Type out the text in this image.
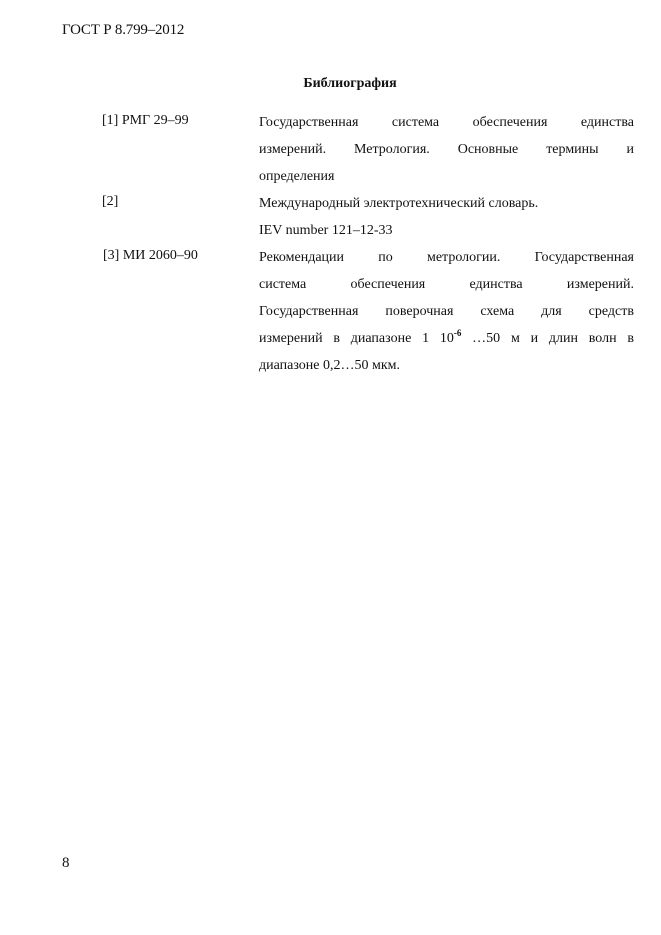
ГОСТ Р 8.799–2012
Библиография
[1] РМГ 29–99	Государственная система обеспечения единства
измерений. Метрология. Основные термины и
определения
[2]	Международный электротехнический словарь.
IEV number 121–12-33
[3] МИ 2060–90	Рекомендации по метрологии. Государственная
система обеспечения единства измерений.
Государственная поверочная схема для средств
измерений в диапазоне 1 $10^{-6}$ …50 м и длин волн в
диапазоне 0,2…50 мкм.
8
